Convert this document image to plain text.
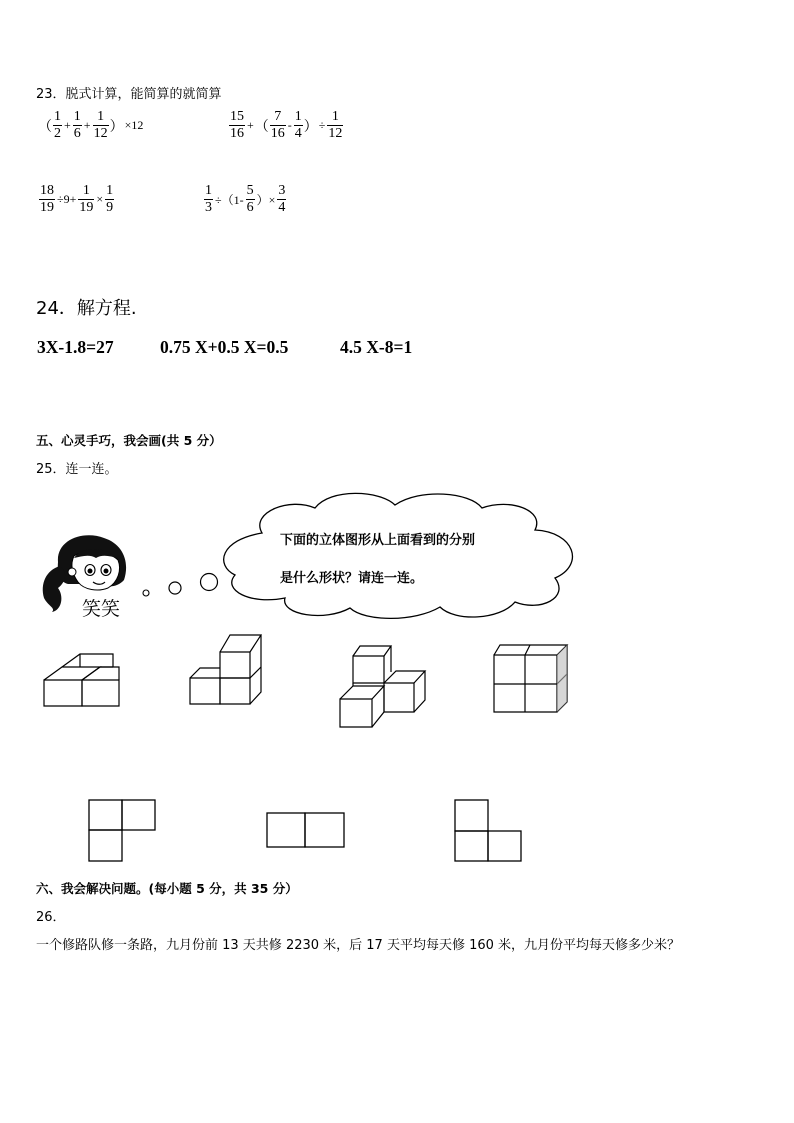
23．脱式计算，能简算的就简算
（ $\frac{1}{2} + \frac{1}{6} + \frac{1}{12}$ ） ×12	$\frac{15}{16}$ + （ $\frac{7}{16} - \frac{1}{4}$ ） ÷ $\frac{1}{12}$
$\frac{18}{19} \div 9+ \frac{1}{19} \times \frac{1}{9}$	$\frac{1}{3} \div(1- \frac{5}{6}$ ）× $\frac{3}{4}$
24．解方程.
3X-1.8=27	0.75 X+0.5 X=0.5	4.5 X-8=1
五、心灵手巧，我会画(共 5 分）
25．连一连。
下面的立体图形从上面看到的分别
是什么形状？请连一连。
笑笑
六、我会解决问题。(每小题 5 分，共 35 分）
26．
一个修路队修一条路，九月份前 13 天共修 2230 米，后 17 天平均每天修 160 米，九月份平均每天修多少米？
